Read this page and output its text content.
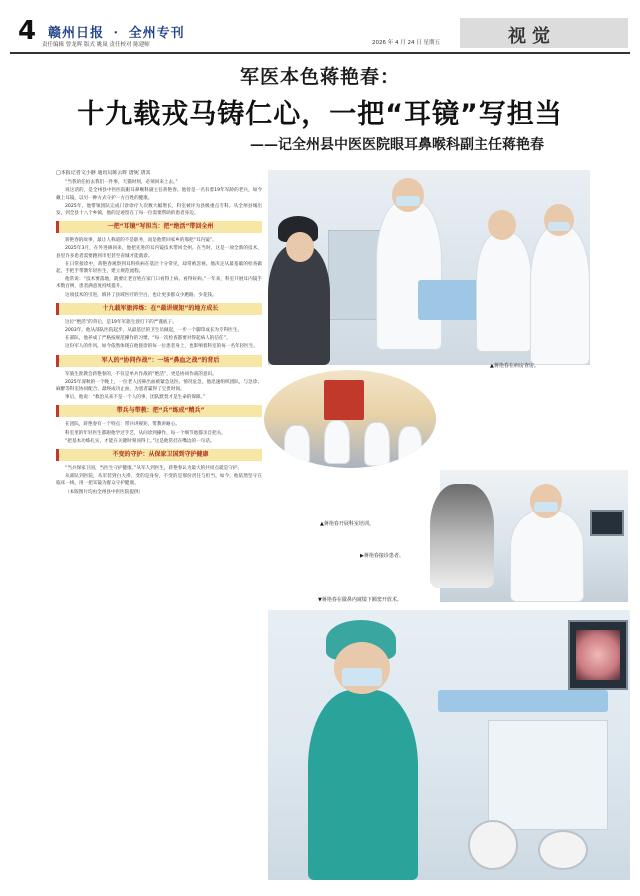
4 赣州日报 · 全州专刊
责任编辑 曾龙晖 版式 姚岚 责任校对 陈建师	2026 年 4 月 24 日 星期五	视觉
军医本色蒋艳春：
十九载戎马铸仁心，一把“耳镜”写担当
——记全州县中医医院眼耳鼻喉科副主任蒋艳春
□本报记者文小静 通讯员陈云晖 唐妮 唐其

“当我的任拍去我们一件事，天猫时刻，必须回来上去。”

说这话的，是全州县中医医院眼耳鼻喉科副主任蒋艳春。他曾是一名有着19年军龄的老兵，如今戴上耳镜，以另一种方式守护一方百姓的健康。

2025年，他带领团队完成门诊诊疗人次数大幅增长，科室被评为县级重点专科。从全州县城出发，到全县十八个乡镇，他的足迹留在了每一位需要帮助的患者身边。

一把“耳镜”写担当：把“绝活”带回全州

蒋艳春的故事，最让人称道的不是职务，而是他带回家乡的那把“耳内镜”。

2025年3月，在外进修回来，他把先进的耳内镜技术带回全州。在当时，这是一项全新的技术，县里许多患者需要跑到市里甚至省城才能就诊。

在日常接诊中，蒋艳春观察到耳科疾病在基层十分常见，却常被忽视。他决定从最基础的检查做起，手把手带教年轻医生，建立规范流程。

他常说：“技术要落地，就要让老百姓在家门口看得上病、看得好病。”一年来，科室开展耳内镜手术数百例，患者满意度持续提升。

这项技术的引进，填补了县域医疗的空白，也让更多群众少跑路、少花钱。

十九载军旅淬炼：在“最讲规矩”的地方成长

这位“绝活”的背后，是19年军旅生涯打下的严谨底子。

2003年，他从部队医院起步，从最基层的卫生员做起，一步一个脚印成长为专科医生。

在部队，他养成了严格按规范操作的习惯，“每一次检查都要对得起病人的信任”。

这份军人的作风，如今依然体现在他接诊的每一位患者身上，也影响着科室的每一名年轻医生。

军人的“协同作战”：一场“鼻血之战”的背后

军旅生涯教会蒋艳春的，不仅是单兵作战的“绝活”，更是协同作战的意识。

2025年深秋的一个晚上，一位老人因鼻出血被紧急送医。情况危急，他迅速组织团队，与急诊、麻醉等科室协同配合，最终成功止血，为患者赢得了宝贵时间。

事后，他说：“救治从来不是一个人的事，团队默契才是生命的保障。”

带兵与带教：把“兵”练成“精兵”

在团队，蒋艳春有一个特点：带兵讲规矩，带教讲耐心。

科室里的年轻医生都跟他学过手艺，从问诊到操作，每一个细节他都亲自把关。

“把基本功练扎实，才能在关键时刻顶得上。”这是他常挂在嘴边的一句话。

不变的守护：从保家卫国到守护健康

“当兵保家卫国，当医生守护健康。”从军人到医生，蒋艳春认为最大的共同点就是守护。

从部队到医院，从军装到白大褂，变的是身份，不变的是那份责任与担当。如今，他依然坚守在临床一线，用一把耳镜为群众守护健康。

（本版图片均由全州县中医医院提供）

▲蒋艳春在病房查房。
▲蒋艳春开展科室培训。
▶蒋艳春接诊患者。
▼蒋艳春在做鼻内窥镜下额窦开放术。
